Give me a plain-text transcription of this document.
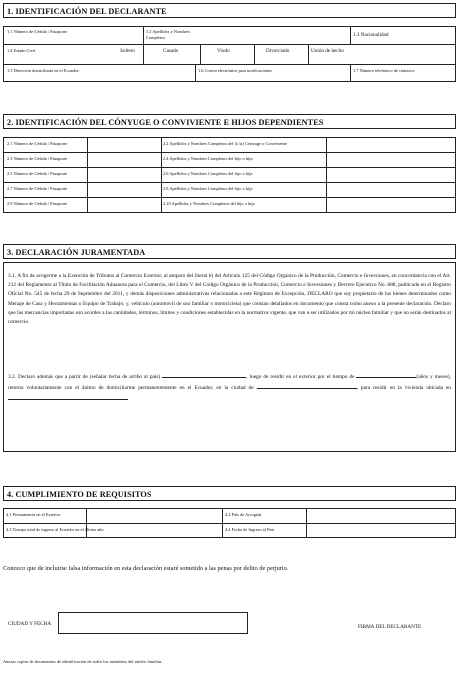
1. IDENTIFICACIÓN DEL DECLARANTE
1.1 Número de Cédula / Pasaporte	1.2 Apellidos y Nombres
Completos	1.3 Nacionalidad
1.4 Estado Civil	Soltero	Casado	Viudo	Divorciado	Unión de hecho
1.5 Dirección domiciliaria en el Ecuador:	1.6 Correo electrónico para notificaciones	1.7 Número telefónico de contacto:
2. IDENTIFICACIÓN DEL CÓNYUGE O CONVIVIENTE E HIJOS DEPENDIENTES
2.1 Número de Cédula / Pasaporte	2.2 Apellidos y Nombres Completos del (o la) Cónyuge o Conviviente
2.3 Número de Cédula / Pasaporte	2.4 Apellidos y Nombres Completos del hijo o hija
2.5 Número de Cédula / Pasaporte	2.6 Apellidos y Nombres Completos del hijo o hija
2.7 Número de Cédula / Pasaporte	2.8 Apellidos y Nombres Completos del hijo o hija
2.9 Número de Cédula / Pasaporte	2.10 Apellidos y Nombres Completos del hijo o hija
3. DECLARACIÓN JURAMENTADA
3.1. A fin de acogerme a la Exención de Tributos al Comercio Exterior, al amparo del literal b) del Artículo 125 del Código Orgánico de la Producción, Comercio e Inversiones, en concordancia con el Art. 212 del Reglamento al Título de Facilitación Aduanera para el Comercio, del Libro V del Código Orgánico de la Producción, Comercio e Inversiones y Decreto Ejecutivo No. 888, publicado en el Registro Oficial No. 545 de fecha 29 de Septiembre del 2011, y demás disposiciones administrativas relacionadas a este Régimen de Excepción, DECLARO que soy propietario de los bienes determinados como Menaje de Casa y Herramientas o Equipo de Trabajo; y, vehículo (automóvil de uso familiar o motocicleta) que constan detallados en documento que consta como anexo a la presente declaración. Declaro que las mercancías importadas son acordes a las cantidades, términos, límites y condiciones establecidas en la normativa vigente, que van a ser utilizados por mi núcleo familiar y que no serán destinados al comercio.
3.2. Declaro además que a partir de (señalar fecha de arribo al país)	, luego de residir en el exterior por el tiempo de	(años y meses), retorno voluntariamente con el ánimo de domiciliarme permanentemente en el Ecuador, en la ciudad de	, para residir en la vivienda ubicada en
4. CUMPLIMIENTO DE REQUISITOS
4.1 Permanencia en el Exterior	4.2 País de Arcogida
4.3 Tiempo total de ingreso al Ecuador en el último año	4.4 Fecha de Ingreso al País
Conozco que de incluirse falsa información en esta declaración estaré sometido a las penas por delito de perjurio.
CIUDAD Y FECHA	FIRMA DEL DECLARANTE
Anexar copias de documentos de identificación de todos los miembros del núcleo familiar.
